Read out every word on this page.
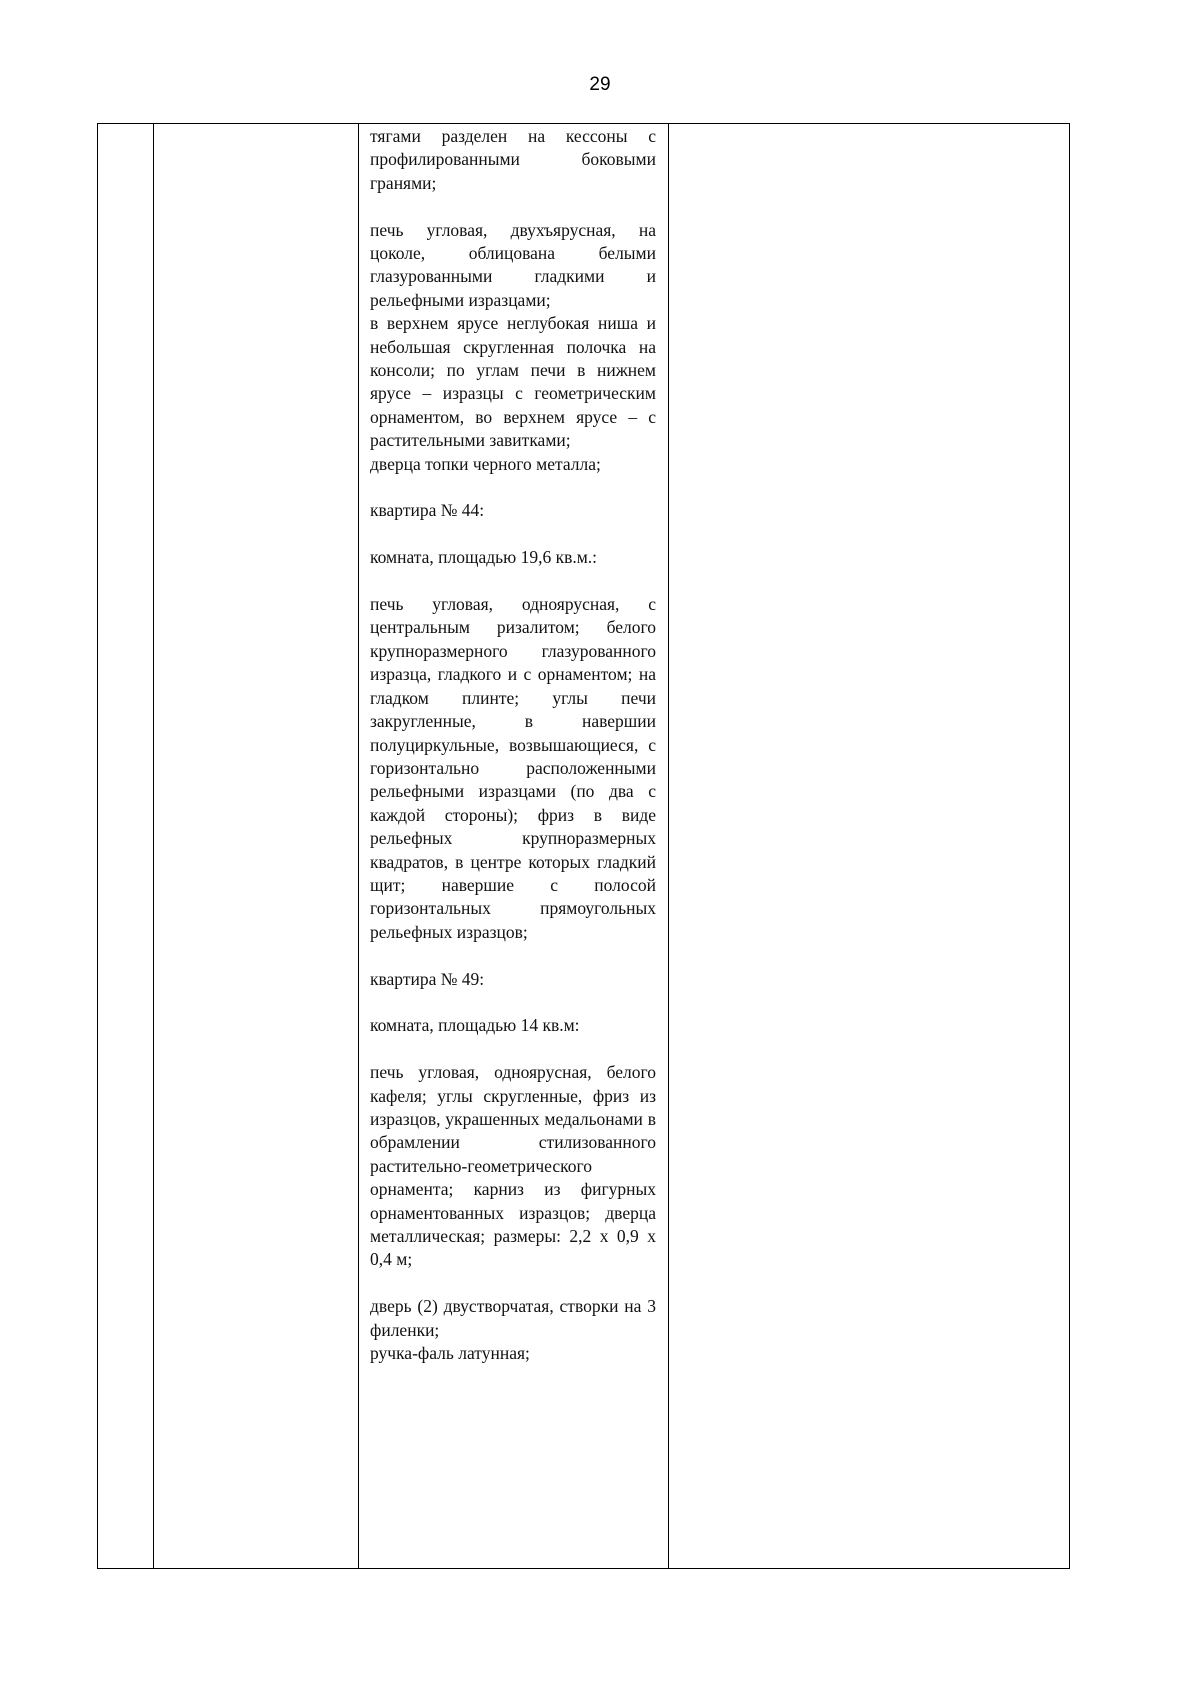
29

тягами разделен на кессоны с профилированными боковыми гранями;

печь угловая, двухъярусная, на цоколе, облицована белыми глазурованными гладкими и рельефными изразцами;

в верхнем ярусе неглубокая ниша и небольшая скругленная полочка на консоли; по углам печи в нижнем ярусе – изразцы с геометрическим орнаментом, во верхнем ярусе – с растительными завитками;

дверца топки черного металла;

квартира № 44:

комната, площадью 19,6 кв.м.:

печь угловая, одноярусная, с центральным ризалитом; белого крупноразмерного глазурованного изразца, гладкого и с орнаментом; на гладком плинте; углы печи закругленные, в навершии полуциркульные, возвышающиеся, с горизонтально расположенными рельефными изразцами (по два с каждой стороны); фриз в виде рельефных крупноразмерных квадратов, в центре которых гладкий щит; навершие с полосой горизонтальных прямоугольных рельефных изразцов;

квартира № 49:

комната, площадью 14 кв.м:

печь угловая, одноярусная, белого кафеля; углы скругленные, фриз из изразцов, украшенных медальонами в обрамлении стилизованного растительно-геометрического орнамента; карниз из фигурных орнаментованных изразцов; дверца металлическая; размеры: 2,2 х 0,9 х 0,4 м;

дверь (2) двустворчатая, створки на 3 филенки;

ручка-фаль латунная;
